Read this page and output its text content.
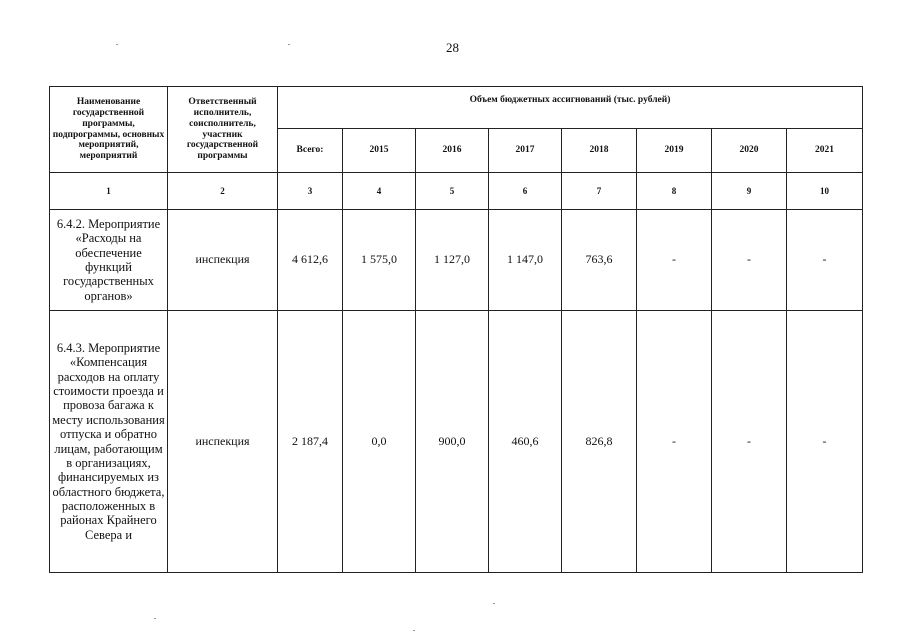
28
Наименование государственной программы, подпрограммы, основных мероприятий, мероприятий	Ответственный исполнитель, соисполнитель, участник государственной программы	Объем бюджетных ассигнований (тыс. рублей)							
		Всего:	2015	2016	2017	2018	2019	2020	2021
1	2	3	4	5	6	7	8	9	10
6.4.2. Мероприятие «Расходы на обеспечение функций государственных органов»	инспекция	4 612,6	1 575,0	1 127,0	1 147,0	763,6	-	-	-
6.4.3. Мероприятие «Компенсация расходов на оплату стоимости проезда и провоза багажа к месту использования отпуска и обратно лицам, работающим в организациях, финансируемых из областного бюджета, расположенных в районах Крайнего Севера и	инспекция	2 187,4	0,0	900,0	460,6	826,8	-	-	-
